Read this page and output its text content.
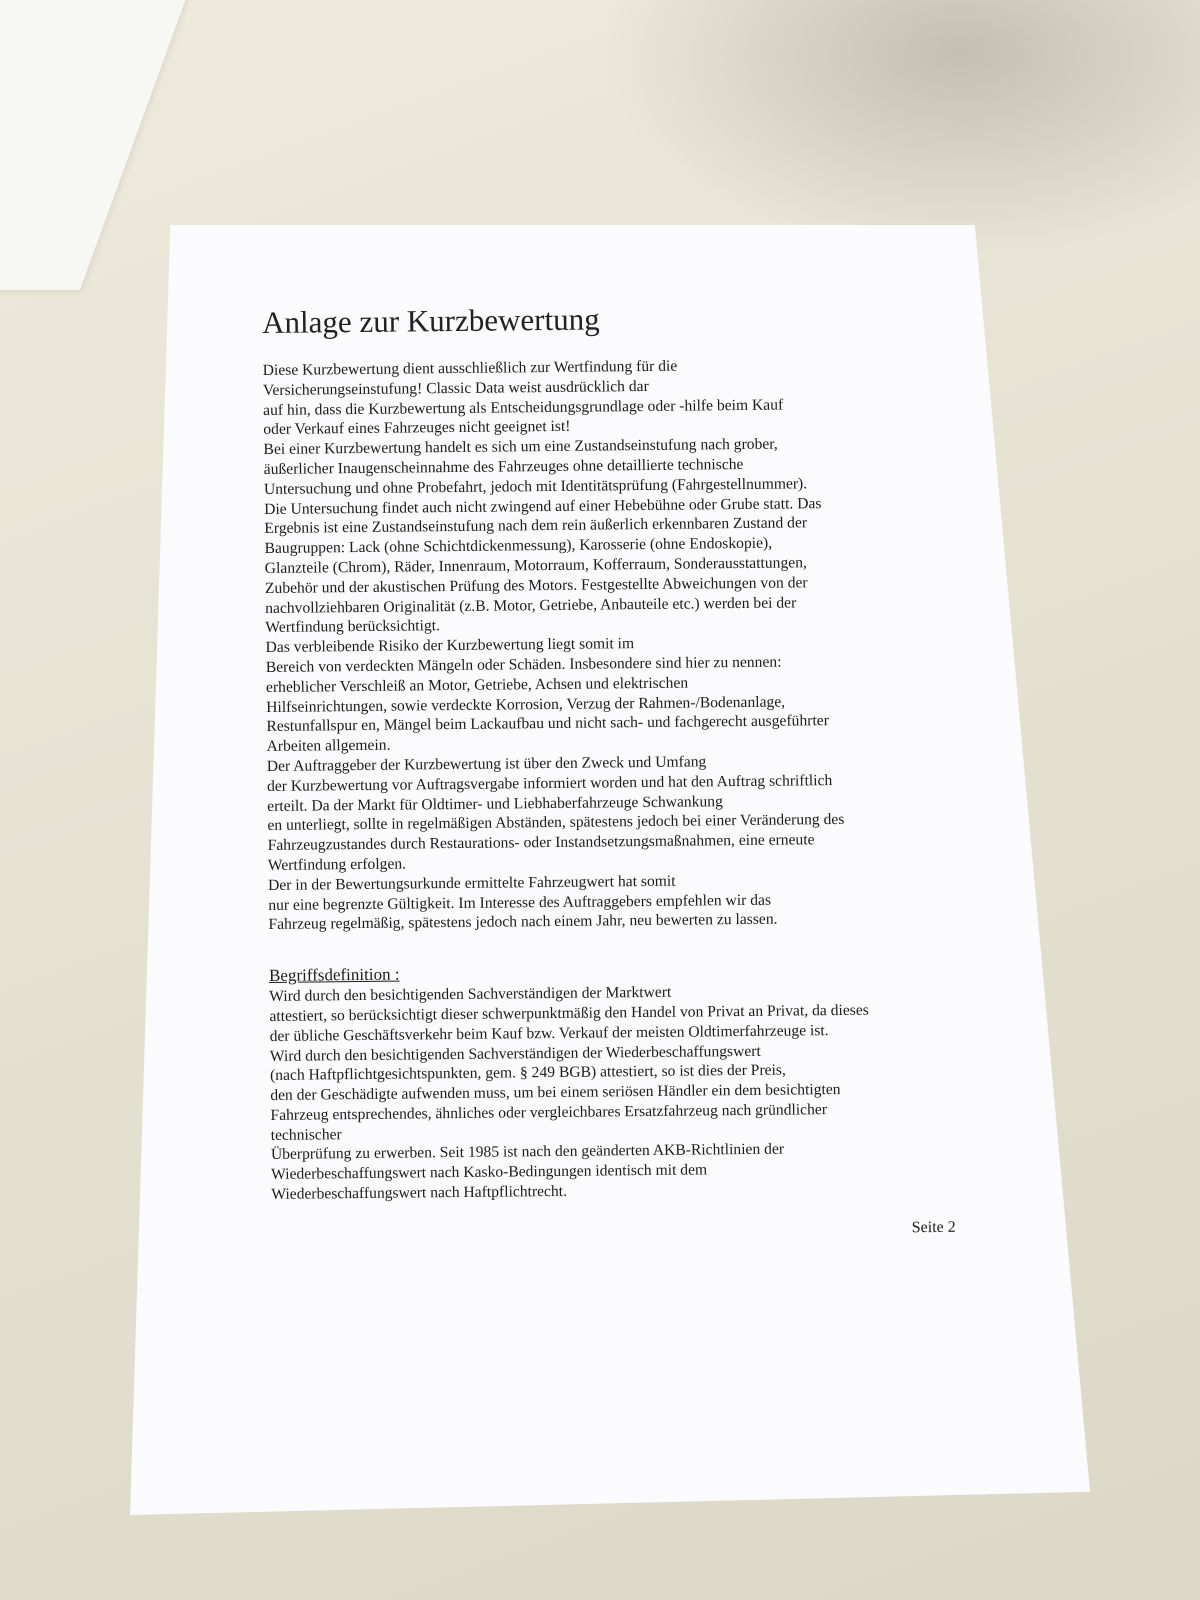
Anlage zur Kurzbewertung
Diese Kurzbewertung dient ausschließlich zur Wertfindung für die
Versicherungseinstufung! Classic Data weist ausdrücklich dar
auf hin, dass die Kurzbewertung als Entscheidungsgrundlage oder -hilfe beim Kauf
oder Verkauf eines Fahrzeuges nicht geeignet ist!
Bei einer Kurzbewertung handelt es sich um eine Zustandseinstufung nach grober,
äußerlicher Inaugenscheinnahme des Fahrzeuges ohne detaillierte technische
Untersuchung und ohne Probefahrt, jedoch mit Identitätsprüfung (Fahrgestellnummer).
Die Untersuchung findet auch nicht zwingend auf einer Hebebühne oder Grube statt. Das
Ergebnis ist eine Zustandseinstufung nach dem rein äußerlich erkennbaren Zustand der
Baugruppen: Lack (ohne Schichtdickenmessung), Karosserie (ohne Endoskopie),
Glanzteile (Chrom), Räder, Innenraum, Motorraum, Kofferraum, Sonderausstattungen,
Zubehör und der akustischen Prüfung des Motors. Festgestellte Abweichungen von der
nachvollziehbaren Originalität (z.B. Motor, Getriebe, Anbauteile etc.) werden bei der
Wertfindung berücksichtigt.
Das verbleibende Risiko der Kurzbewertung liegt somit im
Bereich von verdeckten Mängeln oder Schäden. Insbesondere sind hier zu nennen:
erheblicher Verschleiß an Motor, Getriebe, Achsen und elektrischen
Hilfseinrichtungen, sowie verdeckte Korrosion, Verzug der Rahmen-/Bodenanlage,
Restunfallspur en, Mängel beim Lackaufbau und nicht sach- und fachgerecht ausgeführter
Arbeiten allgemein.
Der Auftraggeber der Kurzbewertung ist über den Zweck und Umfang
der Kurzbewertung vor Auftragsvergabe informiert worden und hat den Auftrag schriftlich
erteilt. Da der Markt für Oldtimer- und Liebhaberfahrzeuge Schwankung
en unterliegt, sollte in regelmäßigen Abständen, spätestens jedoch bei einer Veränderung des
Fahrzeugzustandes durch Restaurations- oder Instandsetzungsmaßnahmen, eine erneute
Wertfindung erfolgen.
Der in der Bewertungsurkunde ermittelte Fahrzeugwert hat somit
nur eine begrenzte Gültigkeit. Im Interesse des Auftraggebers empfehlen wir das
Fahrzeug regelmäßig, spätestens jedoch nach einem Jahr, neu bewerten zu lassen.
Begriffsdefinition :
Wird durch den besichtigenden Sachverständigen der Marktwert
attestiert, so berücksichtigt dieser schwerpunktmäßig den Handel von Privat an Privat, da dieses
der übliche Geschäftsverkehr beim Kauf bzw. Verkauf der meisten Oldtimerfahrzeuge ist.
Wird durch den besichtigenden Sachverständigen der Wiederbeschaffungswert
(nach Haftpflichtgesichtspunkten, gem. § 249 BGB) attestiert, so ist dies der Preis,
den der Geschädigte aufwenden muss, um bei einem seriösen Händler ein dem besichtigten
Fahrzeug entsprechendes, ähnliches oder vergleichbares Ersatzfahrzeug nach gründlicher
technischer
Überprüfung zu erwerben. Seit 1985 ist nach den geänderten AKB-Richtlinien der
Wiederbeschaffungswert nach Kasko-Bedingungen identisch mit dem
Wiederbeschaffungswert nach Haftpflichtrecht.
Seite 2
